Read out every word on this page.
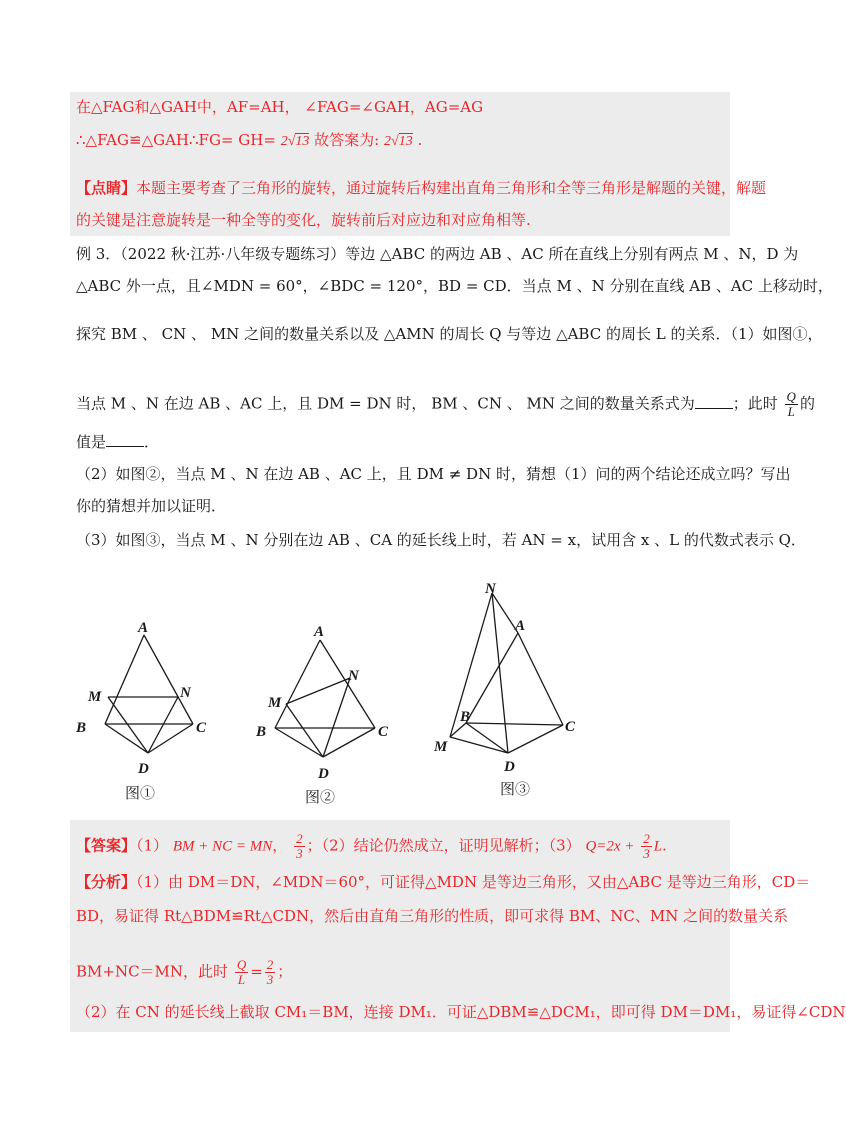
在△FAG和△GAH中，AF=AH， ∠FAG=∠GAH，AG=AG
∴△FAG≌△GAH∴FG= GH= 2√13 故答案为: 2√13 .
【点睛】本题主要考查了三角形的旋转，通过旋转后构建出直角三角形和全等三角形是解题的关键，解题
的关键是注意旋转是一种全等的变化，旋转前后对应边和对应角相等.
例 3．（2022 秋·江苏·八年级专题练习）等边 △ABC 的两边 AB 、AC 所在直线上分别有两点 M 、N，D 为
△ABC 外一点，且∠MDN = 60°，∠BDC = 120°，BD = CD．当点 M 、N 分别在直线 AB 、AC 上移动时，
探究 BM 、 CN 、 MN 之间的数量关系以及 △AMN 的周长 Q 与等边 △ABC 的周长 L 的关系．（1）如图①，
当点 M 、N 在边 AB 、AC 上，且 DM = DN 时， BM 、CN 、 MN 之间的数量关系式为	；此时 $\frac{Q}{L}$ 的
值是	．
（2）如图②，当点 M 、N 在边 AB 、AC 上，且 DM ≠ DN 时，猜想（1）问的两个结论还成立吗？写出
你的猜想并加以证明．
（3）如图③，当点 M 、N 分别在边 AB 、CA 的延长线上时，若 AN = x，试用含 x 、L 的代数式表示 Q．
A
M	N
B	C
D
图①
A
M
N
B	C
D
图②
N
A
B
M
C
D
图③
【答案】（1） BM + NC = MN， $\frac{2}{3}$ ；（2）结论仍然成立，证明见解析；（3） $Q=2x + \frac{2}{3} L$.
【分析】（1）由 DM＝DN，∠MDN＝60°，可证得△MDN 是等边三角形，又由△ABC 是等边三角形，CD＝
BD，易证得 Rt△BDM≌Rt△CDN，然后由直角三角形的性质，即可求得 BM、NC、MN 之间的数量关系
BM+NC＝MN，此时 $\frac{Q}{L} = \frac{2}{3}$ ；
（2）在 CN 的延长线上截取 CM₁＝BM，连接 DM₁．可证△DBM≌△DCM₁，即可得 DM＝DM₁，易证得∠CDN
